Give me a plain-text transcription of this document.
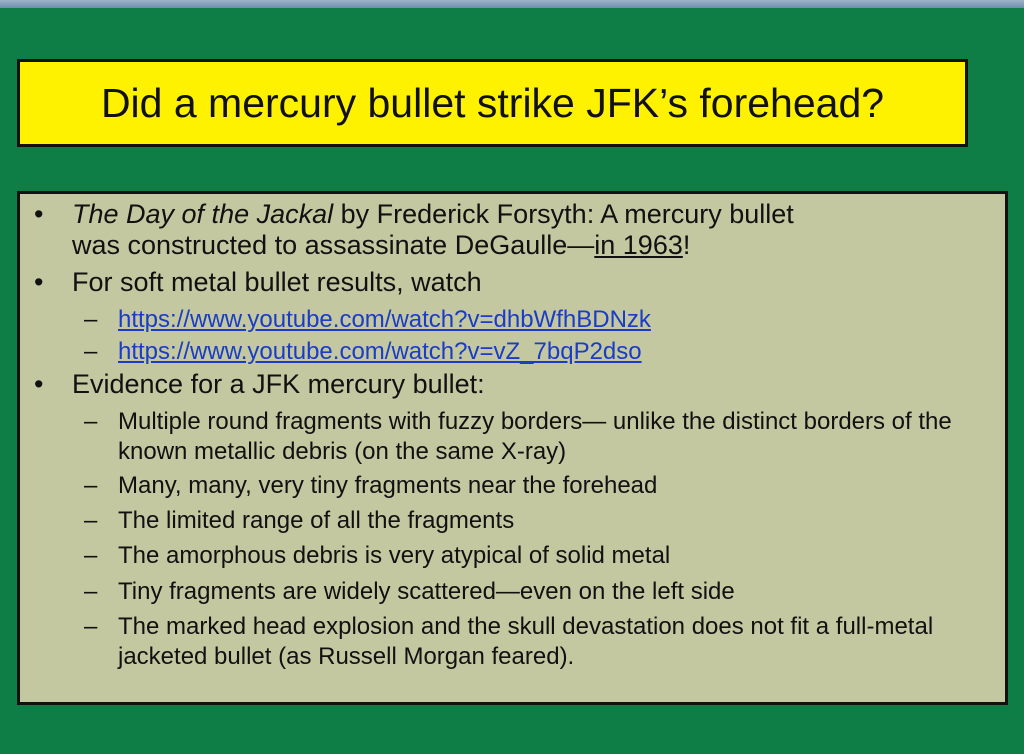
Did a mercury bullet strike JFK’s forehead?
• The Day of the Jackal by Frederick Forsyth: A mercury bullet
was constructed to assassinate DeGaulle—in 1963!
• For soft metal bullet results, watch
– https://www.youtube.com/watch?v=dhbWfhBDNzk
– https://www.youtube.com/watch?v=vZ_7bqP2dso
• Evidence for a JFK mercury bullet:
– Multiple round fragments with fuzzy borders— unlike the distinct borders of the known metallic debris (on the same X-ray)
– Many, many, very tiny fragments near the forehead
– The limited range of all the fragments
– The amorphous debris is very atypical of solid metal
– Tiny fragments are widely scattered—even on the left side
– The marked head explosion and the skull devastation does not fit a full-metal jacketed bullet (as Russell Morgan feared).
